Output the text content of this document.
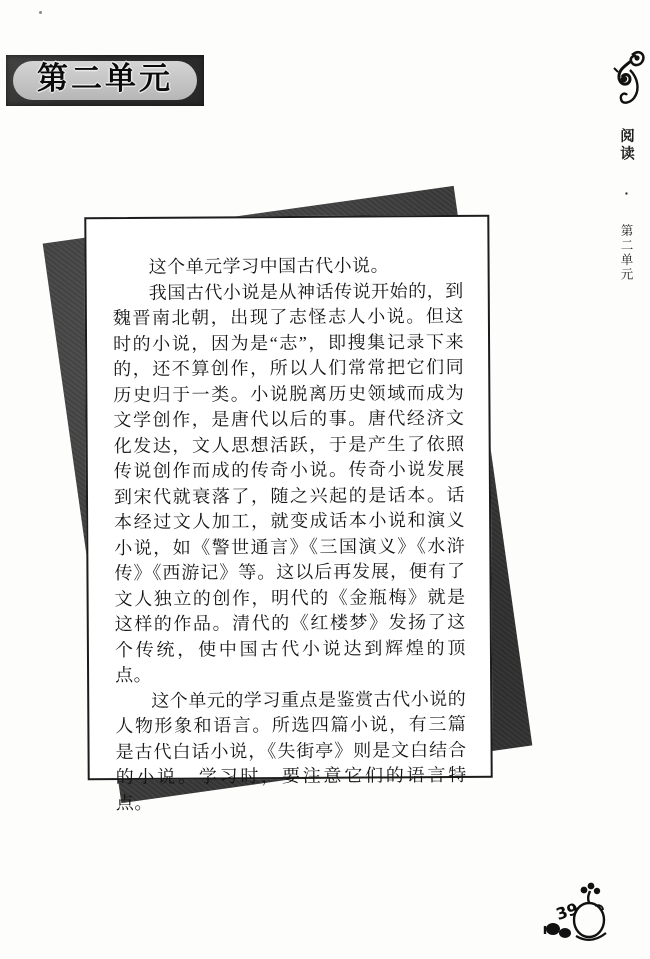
第二单元
阅读 · 第二单元

这个单元学习中国古代小说。

我国古代小说是从神话传说开始的，到魏晋南北朝，出现了志怪志人小说。但这时的小说，因为是“志”，即搜集记录下来的，还不算创作，所以人们常常把它们同历史归于一类。小说脱离历史领域而成为文学创作，是唐代以后的事。唐代经济文化发达，文人思想活跃，于是产生了依照传说创作而成的传奇小说。传奇小说发展到宋代就衰落了，随之兴起的是话本。话本经过文人加工，就变成话本小说和演义小说，如《警世通言》《三国演义》《水浒传》《西游记》等。这以后再发展，便有了文人独立的创作，明代的《金瓶梅》就是这样的作品。清代的《红楼梦》发扬了这个传统，使中国古代小说达到辉煌的顶点。

这个单元的学习重点是鉴赏古代小说的人物形象和语言。所选四篇小说，有三篇是古代白话小说，《失街亭》则是文白结合的小说。学习时，要注意它们的语言特点。

39
